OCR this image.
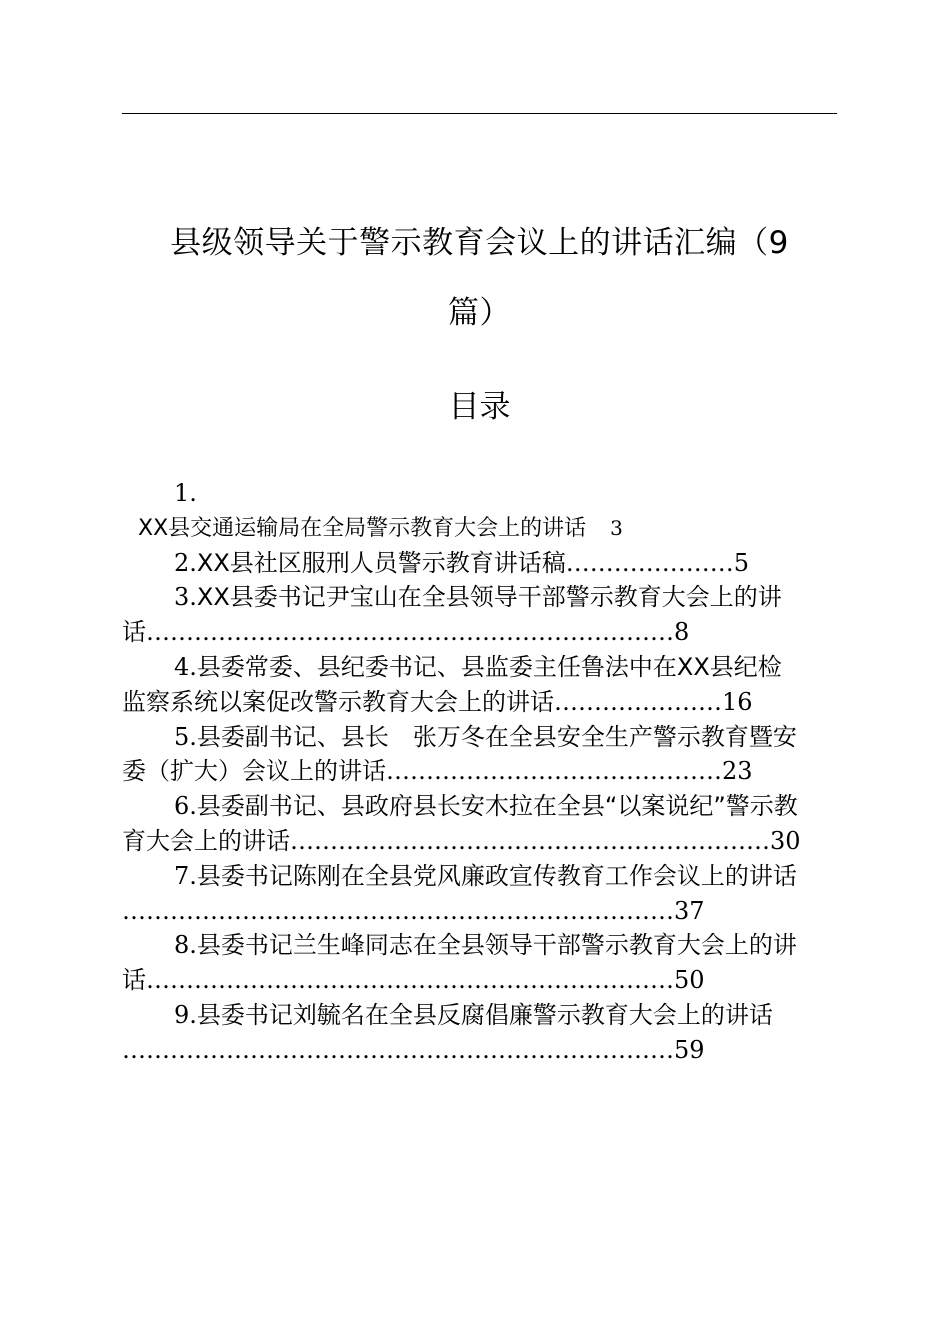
县级领导关于警示教育会议上的讲话汇编（9
篇）
目录
1.
XX县交通运输局在全局警示教育大会上的讲话 3
2.XX县社区服刑人员警示教育讲话稿…………………5
3.XX县委书记尹宝山在全县领导干部警示教育大会上的讲
话…………………………………………………………8
4.县委常委、县纪委书记、县监委主任鲁法中在XX县纪检
监察系统以案促改警示教育大会上的讲话…………………16
5.县委副书记、县长　张万冬在全县安全生产警示教育暨安
委（扩大）会议上的讲话……………………………………23
6.县委副书记、县政府县长安木拉在全县“以案说纪”警示教
育大会上的讲话……………………………………………………30
7.县委书记陈刚在全县党风廉政宣传教育工作会议上的讲话
……………………………………………………………37
8.县委书记兰生峰同志在全县领导干部警示教育大会上的讲
话…………………………………………………………50
9.县委书记刘毓名在全县反腐倡廉警示教育大会上的讲话
……………………………………………………………59
